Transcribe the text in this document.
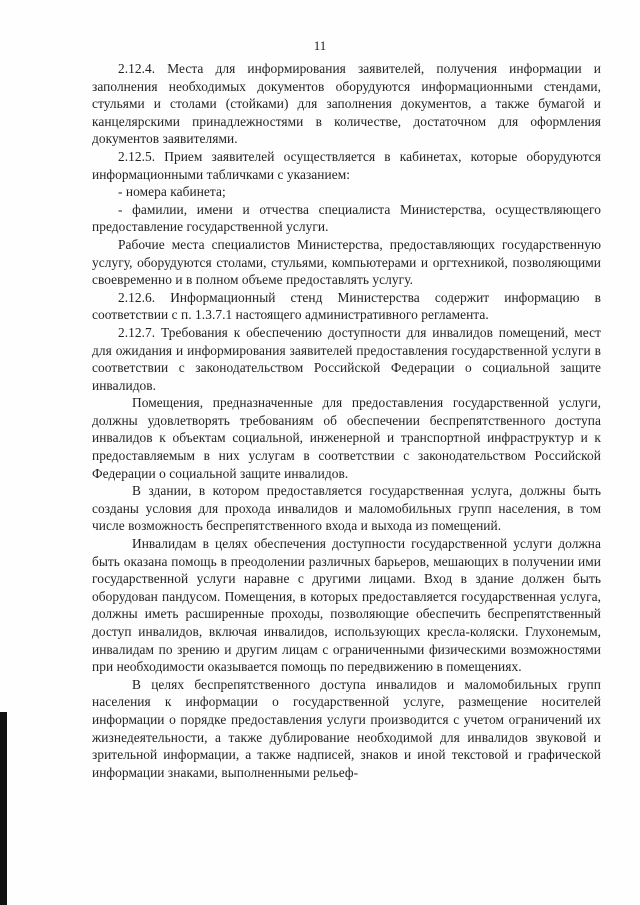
11

2.12.4. Места для информирования заявителей, получения информации и заполнения необходимых документов оборудуются информационными стендами, стульями и столами (стойками) для заполнения документов, а также бумагой и канцелярскими принадлежностями в количестве, достаточном для оформления документов заявителями.

2.12.5. Прием заявителей осуществляется в кабинетах, которые оборудуются информационными табличками с указанием:

- номера кабинета;

- фамилии, имени и отчества специалиста Министерства, осуществляющего предоставление государственной услуги.

Рабочие места специалистов Министерства, предоставляющих государственную услугу, оборудуются столами, стульями, компьютерами и оргтехникой, позволяющими своевременно и в полном объеме предоставлять услугу.

2.12.6. Информационный стенд Министерства содержит информацию в соответствии с п. 1.3.7.1 настоящего административного регламента.

2.12.7. Требования к обеспечению доступности для инвалидов помещений, мест для ожидания и информирования заявителей предоставления государственной услуги в соответствии с законодательством Российской Федерации о социальной защите инвалидов.

Помещения, предназначенные для предоставления государственной услуги, должны удовлетворять требованиям об обеспечении беспрепятственного доступа инвалидов к объектам социальной, инженерной и транспортной инфраструктур и к предоставляемым в них услугам в соответствии с законодательством Российской Федерации о социальной защите инвалидов.

В здании, в котором предоставляется государственная услуга, должны быть созданы условия для прохода инвалидов и маломобильных групп населения, в том числе возможность беспрепятственного входа и выхода из помещений.

Инвалидам в целях обеспечения доступности государственной услуги должна быть оказана помощь в преодолении различных барьеров, мешающих в получении ими государственной услуги наравне с другими лицами. Вход в здание должен быть оборудован пандусом. Помещения, в которых предоставляется государственная услуга, должны иметь расширенные проходы, позволяющие обеспечить беспрепятственный доступ инвалидов, включая инвалидов, использующих кресла-коляски. Глухонемым, инвалидам по зрению и другим лицам с ограниченными физическими возможностями при необходимости оказывается помощь по передвижению в помещениях.

В целях беспрепятственного доступа инвалидов и маломобильных групп населения к информации о государственной услуге, размещение носителей информации о порядке предоставления услуги производится с учетом ограничений их жизнедеятельности, а также дублирование необходимой для инвалидов звуковой и зрительной информации, а также надписей, знаков и иной текстовой и графической информации знаками, выполненными рельеф-
